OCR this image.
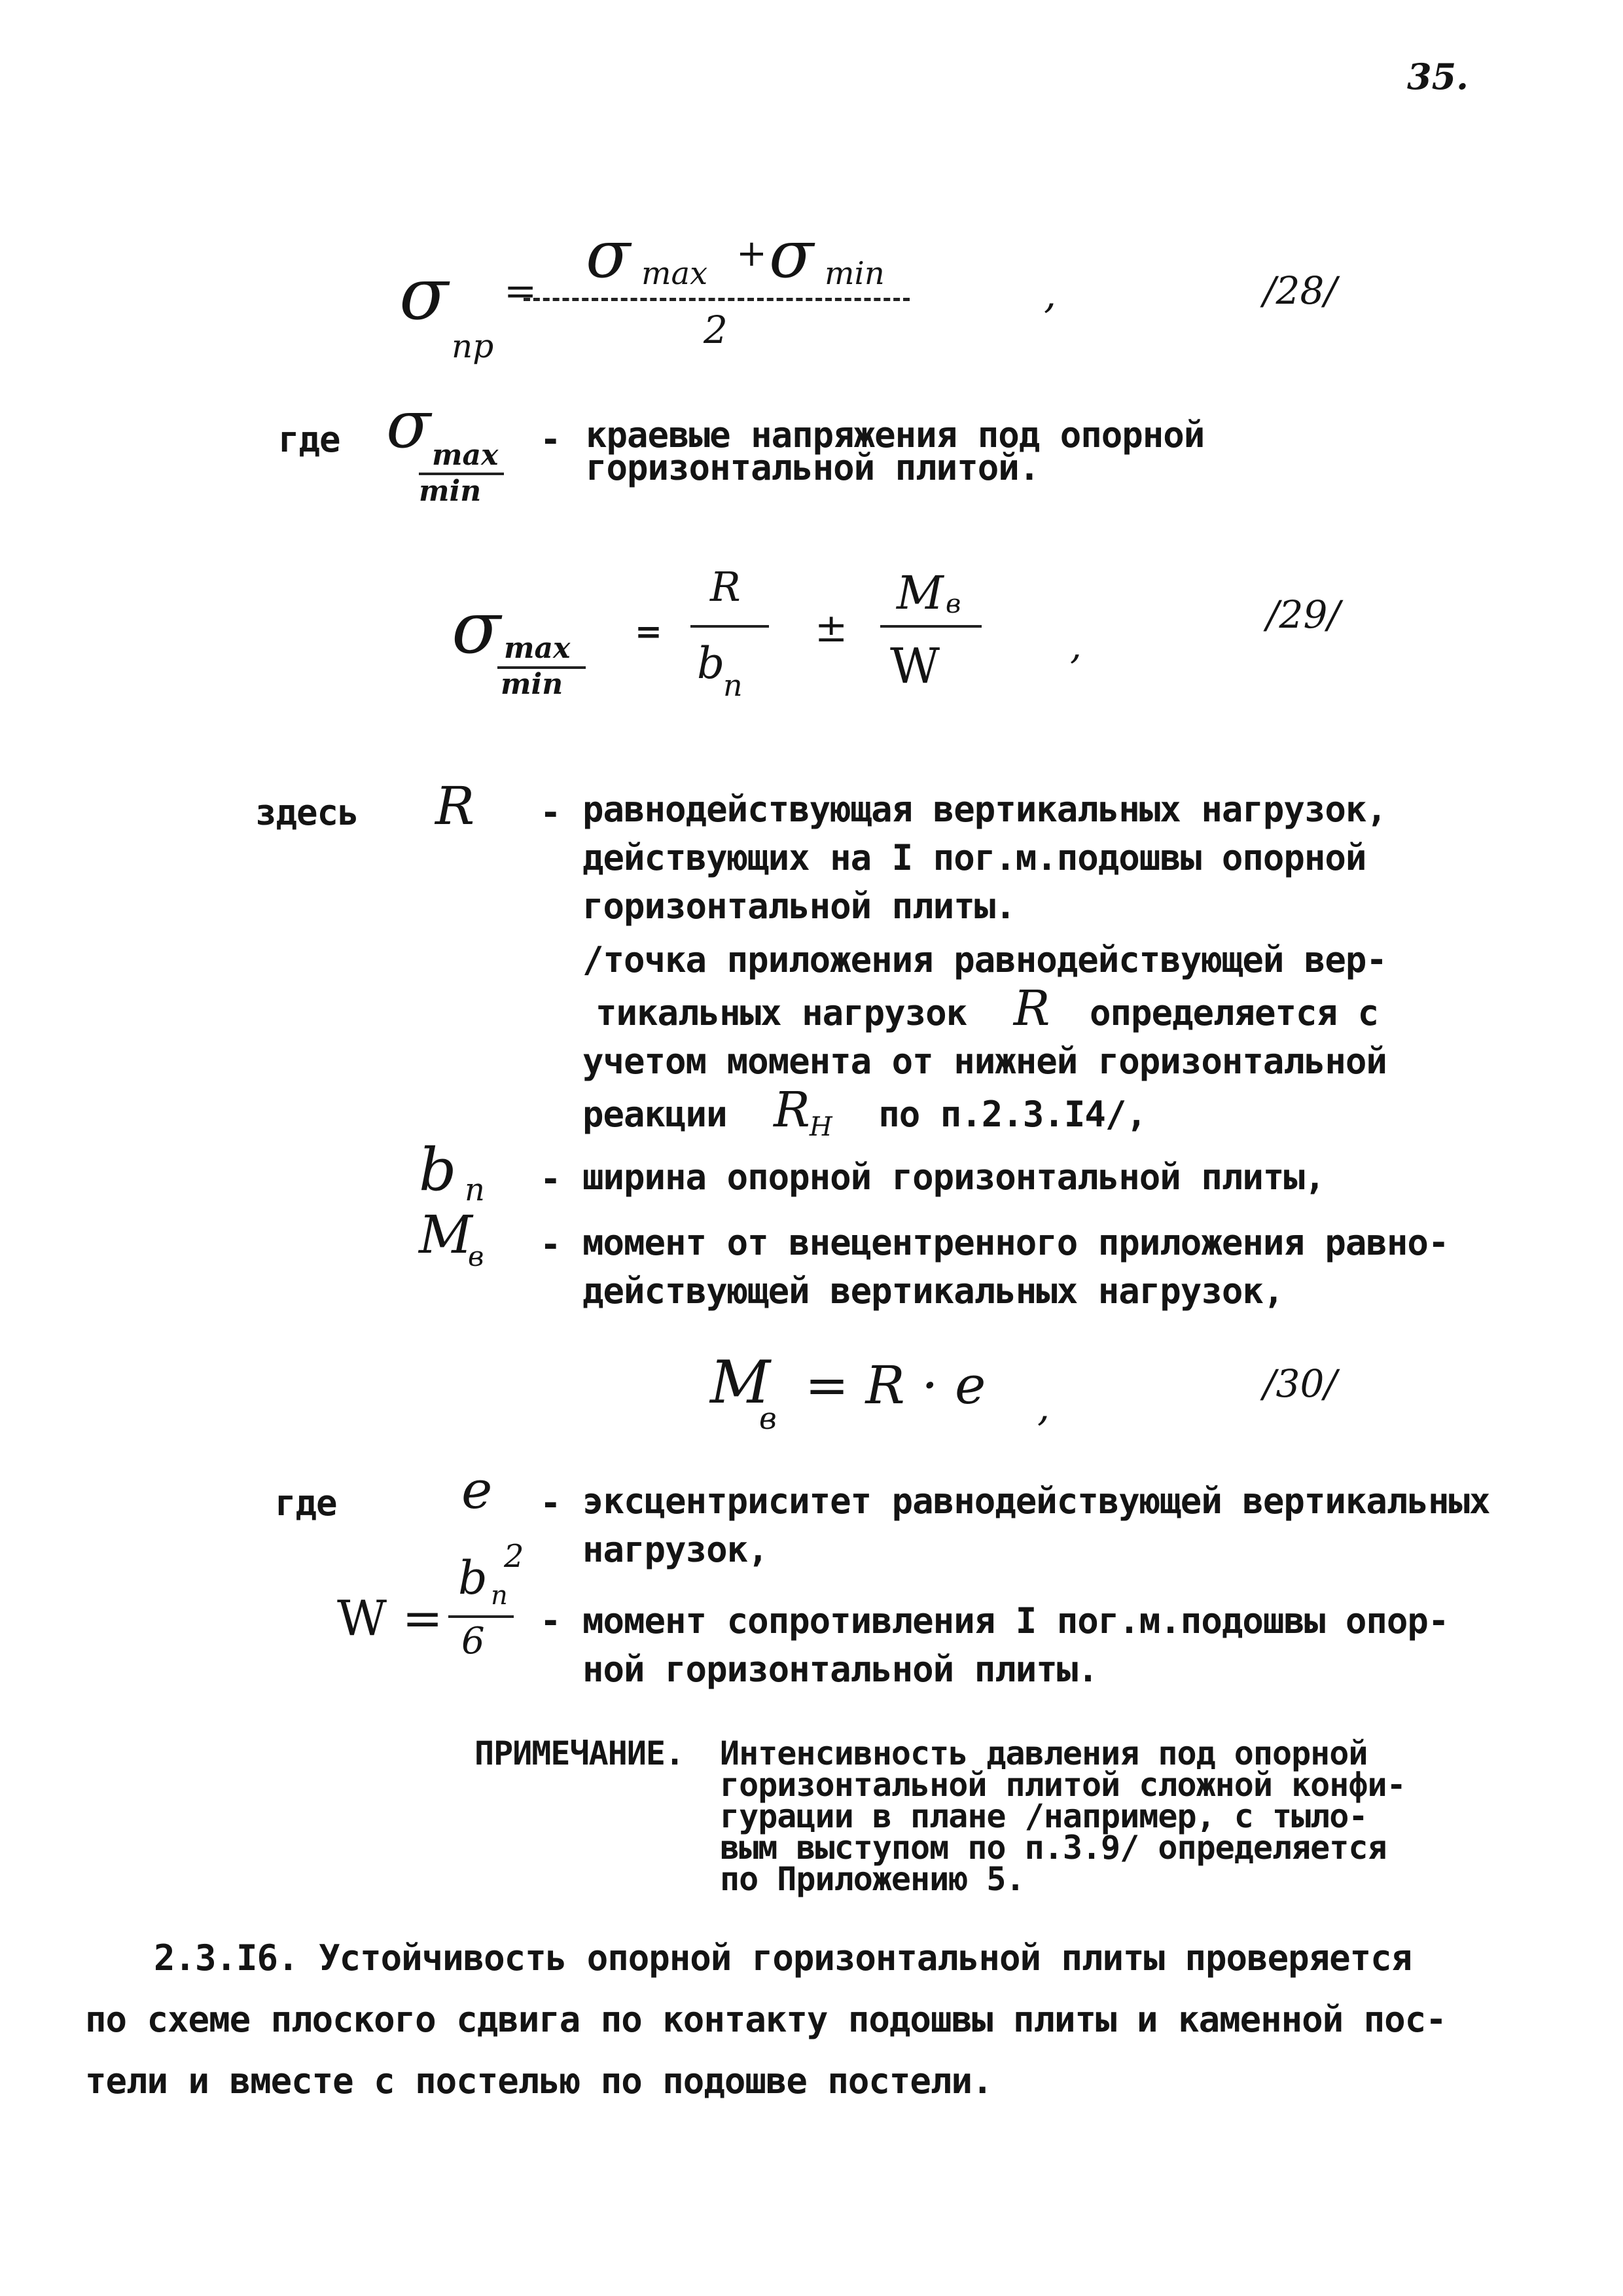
35.
σ
пр
= σ max + σ min
2
,	/28/
где σ max
min
- краевые напряжения под опорной
горизонтальной плитой.
σ max
min
=
R
b
п
±
M в
W	,
/29/
здесь R - равнодействующая вертикальных нагрузок,
действующих на I пог.м.подошвы опорной
горизонтальной плиты.
/точка приложения равнодействующей вер-
тикальных нагрузок R определяется с
учетом момента от нижней горизонтальной
реакции $R_Н$ по п.2.3.I4/,
b п - ширина опорной горизонтальной плиты,
M
в - момент от внецентренного приложения равно-
действующей вертикальных нагрузок,
M
в
= R · e ,
/30/
где e - эксцентриситет равнодействующей вертикальных
нагрузок,
W =
b п
2
6 - момент сопротивления I пог.м.подошвы опор-
ной горизонтальной плиты.
ПРИМЕЧАНИЕ. Интенсивность давления под опорной
горизонтальной плитой сложной конфи-
гурации в плане /например, с тыло-
вым выступом по п.3.9/ определяется
по Приложению 5.
2.3.I6. Устойчивость опорной горизонтальной плиты проверяется
по схеме плоского сдвига по контакту подошвы плиты и каменной пос-
тели и вместе с постелью по подошве постели.
